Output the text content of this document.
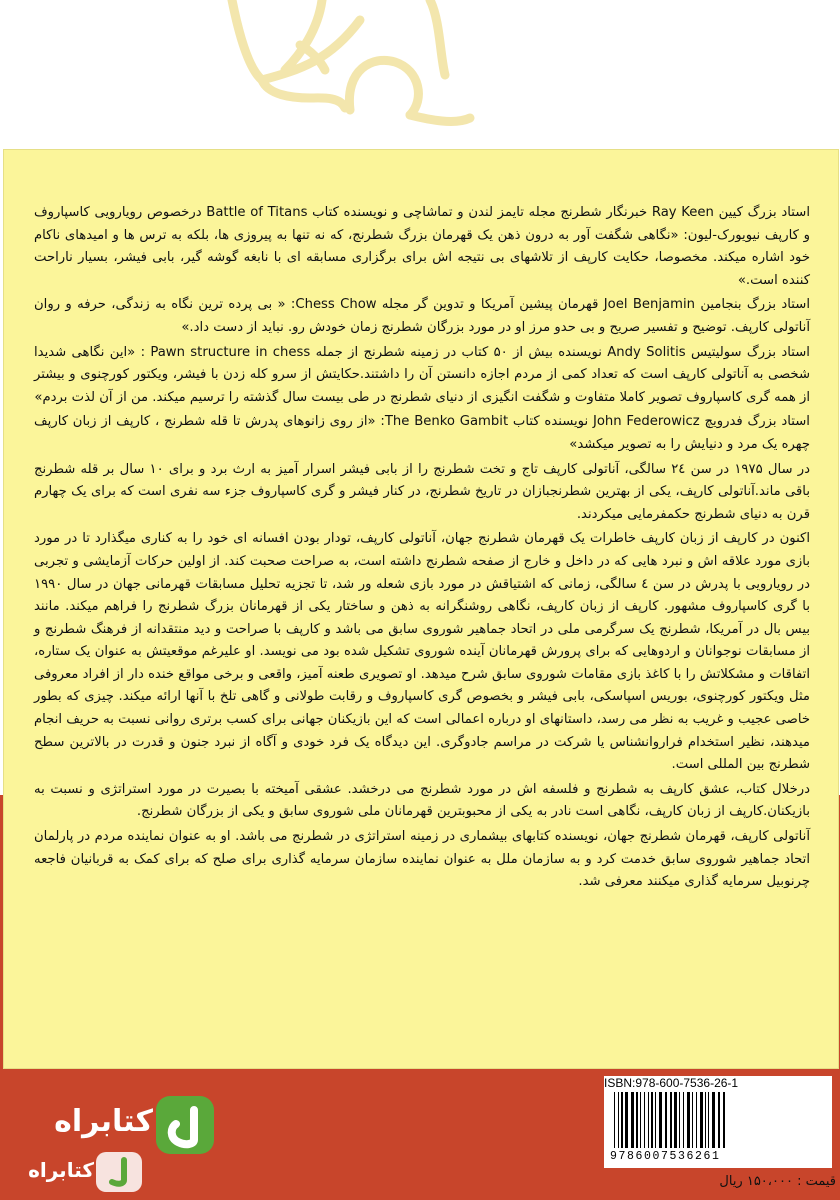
استاد بزرگ کیین Ray Keen خبرنگار شطرنج مجله تایمز لندن و تماشاچی و نویسنده کتاب Battle of Titans درخصوص رویارویی کاسپاروف و کارپف نیویورک-لیون: «نگاهی شگفت آور به درون ذهن یک قهرمان بزرگ شطرنج، که نه تنها به پیروزی ها، بلکه به ترس ها و امیدهای ناکام خود اشاره میکند. مخصوصا، حکایت کارپف از تلاشهای بی نتیجه اش برای برگزاری مسابقه ای با نابغه گوشه گیر، بابی فیشر، بسیار ناراحت کننده است.»

استاد بزرگ بنجامین Joel Benjamin قهرمان پیشین آمریکا و تدوین گر مجله Chess Chow: « بی پرده ترین نگاه به زندگی، حرفه و روان آناتولی کارپف. توضیح و تفسیر صریح و بی حدو مرز او در مورد بزرگان شطرنج زمان خودش رو. نباید از دست داد.»

استاد بزرگ سولیتیس Andy Solitis نویسنده بیش از ۵۰ کتاب در زمینه شطرنج از جمله Pawn structure in chess : «این نگاهی شدیدا شخصی به آناتولی کارپف است که تعداد کمی از مردم اجازه دانستن آن را داشتند.حکایتش از سرو کله زدن با فیشر، ویکتور کورچنوی و بیشتر از همه گری کاسپاروف تصویر کاملا متفاوت و شگفت انگیزی از دنیای شطرنج در طی بیست سال گذشته را ترسیم میکند. من از آن لذت بردم»

استاد بزرگ فدرویچ John Federowicz نویسنده کتاب The Benko Gambit: «از روی زانوهای پدرش تا قله شطرنج ، کارپف از زبان کارپف چهره یک مرد و دنیایش را به تصویر میکشد»

در سال ۱۹۷۵ در سن ۲٤ سالگی، آناتولی کارپف تاج و تخت شطرنج را از بابی فیشر اسرار آمیز به ارث برد و برای ۱۰ سال بر قله شطرنج باقی ماند.آناتولی کارپف، یکی از بهترین شطرنجبازان در تاریخ شطرنج، در کنار فیشر و گری کاسپاروف جزء سه نفری است که برای یک چهارم قرن به دنیای شطرنج حکمفرمایی میکردند.

اکنون در کارپف از زبان کارپف خاطرات یک قهرمان شطرنج جهان، آناتولی کارپف، تودار بودن افسانه ای خود را به کناری میگذارد تا در مورد بازی مورد علاقه اش و نبرد هایی که در داخل و خارج از صفحه شطرنج داشته است، به صراحت صحبت کند. از اولین حرکات آزمایشی و تجربی در رویارویی با پدرش در سن ٤ سالگی، زمانی که اشتیاقش در مورد بازی شعله ور شد، تا تجزیه تحلیل مسابقات قهرمانی جهان در سال ۱۹۹۰ با گری کاسپاروف مشهور. کارپف از زبان کارپف، نگاهی روشنگرانه به ذهن و ساختار یکی از قهرمانان بزرگ شطرنج را فراهم میکند. مانند بیس بال در آمریکا، شطرنج یک سرگرمی ملی در اتحاد جماهیر شوروی سابق می باشد و کارپف با صراحت و دید منتقدانه از فرهنگ شطرنج و از مسابقات نوجوانان و اردوهایی که برای پرورش قهرمانان آینده شوروی تشکیل شده بود می نویسد. او علیرغم موقعیتش به عنوان یک ستاره، اتفاقات و مشکلاتش را با کاغذ بازی مقامات شوروی سابق شرح میدهد. او تصویری طعنه آمیز، واقعی و برخی مواقع خنده دار از افراد معروفی مثل ویکتور کورچنوی، بوریس اسپاسکی، بابی فیشر و بخصوص گری کاسپاروف و رقابت طولانی و گاهی تلخ با آنها ارائه میکند. چیزی که بطور خاصی عجیب و غریب به نظر می رسد، داستانهای او درباره اعمالی است که این بازیکنان جهانی برای کسب برتری روانی نسبت به حریف انجام میدهند، نظیر استخدام فراروانشناس یا شرکت در مراسم جادوگری. این دیدگاه یک فرد خودی و آگاه از نبرد جنون و قدرت در بالاترین سطح شطرنج بین المللی است.

درخلال کتاب، عشق کارپف به شطرنج و فلسفه اش در مورد شطرنج می درخشد. عشقی آمیخته با بصیرت در مورد استراتژی و نسبت به بازیکنان.کارپف از زبان کارپف، نگاهی است نادر به یکی از محبوبترین قهرمانان ملی شوروی سابق و یکی از بزرگان شطرنج.

آناتولی کارپف، قهرمان شطرنج جهان، نویسنده کتابهای بیشماری در زمینه استراتژی در شطرنج می باشد. او به عنوان نماینده مردم در پارلمان اتحاد جماهیر شوروی سابق خدمت کرد و به سازمان ملل به عنوان نماینده سازمان سرمایه گذاری برای صلح که برای کمک به قربانیان فاجعه چرنوبیل سرمایه گذاری میکنند معرفی شد.

ISBN:978-600-7536-26-1
9786007536261
قیمت : ۱۵۰،۰۰۰ ریال
کتابراه
کتابراه
